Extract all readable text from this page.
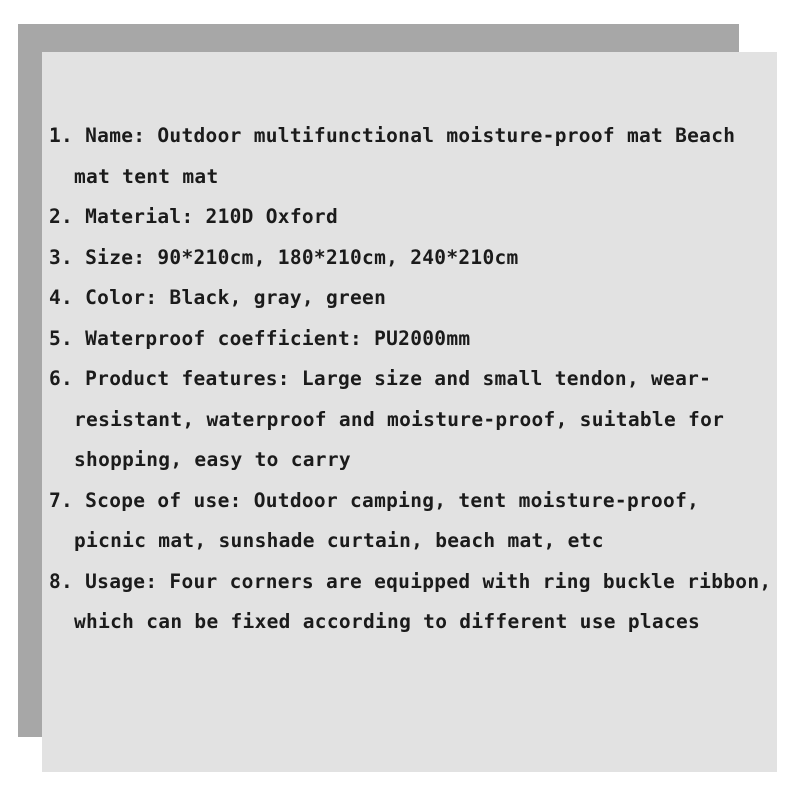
1. Name: Outdoor multifunctional moisture-proof mat Beach mat tent mat
2. Material: 210D Oxford
3. Size: 90*210cm, 180*210cm, 240*210cm
4. Color: Black, gray, green
5. Waterproof coefficient: PU2000mm
6. Product features: Large size and small tendon, wear-resistant, waterproof and moisture-proof, suitable for shopping, easy to carry
7. Scope of use: Outdoor camping, tent moisture-proof, picnic mat, sunshade curtain, beach mat, etc
8. Usage: Four corners are equipped with ring buckle ribbon, which can be fixed according to different use places
